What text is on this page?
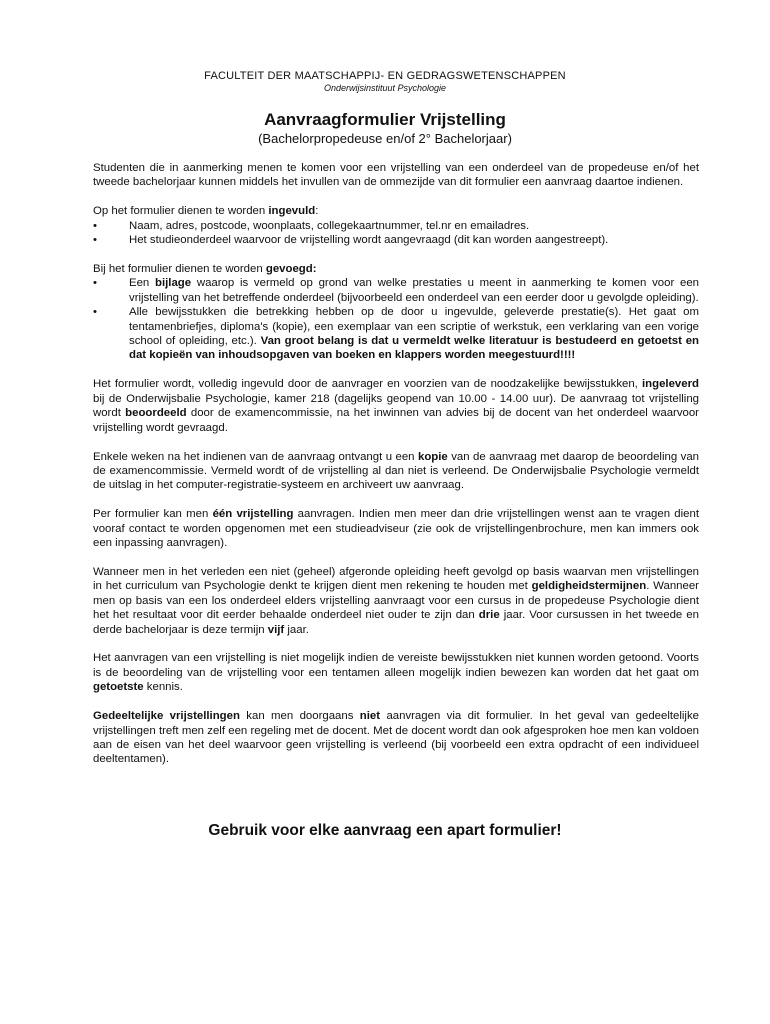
FACULTEIT DER MAATSCHAPPIJ- EN GEDRAGSWETENSCHAPPEN
Onderwijsinstituut Psychologie
Aanvraagformulier Vrijstelling
(Bachelorpropedeuse en/of 2° Bachelorjaar)

Studenten die in aanmerking menen te komen voor een vrijstelling van een onderdeel van de propedeuse en/of het tweede bachelorjaar kunnen middels het invullen van de ommezijde van dit formulier een aanvraag daartoe indienen.

Op het formulier dienen te worden ingevuld:

•	Naam, adres, postcode, woonplaats, collegekaartnummer, tel.nr en emailadres.
•	Het studieonderdeel waarvoor de vrijstelling wordt aangevraagd (dit kan worden aangestreept).

Bij het formulier dienen te worden gevoegd:

•	Een bijlage waarop is vermeld op grond van welke prestaties u meent in aanmerking te komen voor een vrijstelling van het betreffende onderdeel (bijvoorbeeld een onderdeel van een eerder door u gevolgde opleiding).
•	Alle bewijsstukken die betrekking hebben op de door u ingevulde, geleverde prestatie(s). Het gaat om tentamenbriefjes, diploma's (kopie), een exemplaar van een scriptie of werkstuk, een verklaring van een vorige school of opleiding, etc.). Van groot belang is dat u vermeldt welke literatuur is bestudeerd en getoetst en dat kopieën van inhoudsopgaven van boeken en klappers worden meegestuurd!!!!

Het formulier wordt, volledig ingevuld door de aanvrager en voorzien van de noodzakelijke bewijsstukken, ingeleverd bij de Onderwijsbalie Psychologie, kamer 218 (dagelijks geopend van 10.00 - 14.00 uur). De aanvraag tot vrijstelling wordt beoordeeld door de examencommissie, na het inwinnen van advies bij de docent van het onderdeel waarvoor vrijstelling wordt gevraagd.

Enkele weken na het indienen van de aanvraag ontvangt u een kopie van de aanvraag met daarop de beoordeling van de examencommissie. Vermeld wordt of de vrijstelling al dan niet is verleend. De Onderwijsbalie Psychologie vermeldt de uitslag in het computer-registratie-systeem en archiveert uw aanvraag.

Per formulier kan men één vrijstelling aanvragen. Indien men meer dan drie vrijstellingen wenst aan te vragen dient vooraf contact te worden opgenomen met een studieadviseur (zie ook de vrijstellingenbrochure, men kan immers ook een inpassing aanvragen).

Wanneer men in het verleden een niet (geheel) afgeronde opleiding heeft gevolgd op basis waarvan men vrijstellingen in het curriculum van Psychologie denkt te krijgen dient men rekening te houden met geldigheidstermijnen. Wanneer men op basis van een los onderdeel elders vrijstelling aanvraagt voor een cursus in de propedeuse Psychologie dient het het resultaat voor dit eerder behaalde onderdeel niet ouder te zijn dan drie jaar. Voor cursussen in het tweede en derde bachelorjaar is deze termijn vijf jaar.

Het aanvragen van een vrijstelling is niet mogelijk indien de vereiste bewijsstukken niet kunnen worden getoond. Voorts is de beoordeling van de vrijstelling voor een tentamen alleen mogelijk indien bewezen kan worden dat het gaat om getoetste kennis.

Gedeeltelijke vrijstellingen kan men doorgaans niet aanvragen via dit formulier. In het geval van gedeeltelijke vrijstellingen treft men zelf een regeling met de docent. Met de docent wordt dan ook afgesproken hoe men kan voldoen aan de eisen van het deel waarvoor geen vrijstelling is verleend (bij voorbeeld een extra opdracht of een individueel deeltentamen).

Gebruik voor elke aanvraag een apart formulier!
